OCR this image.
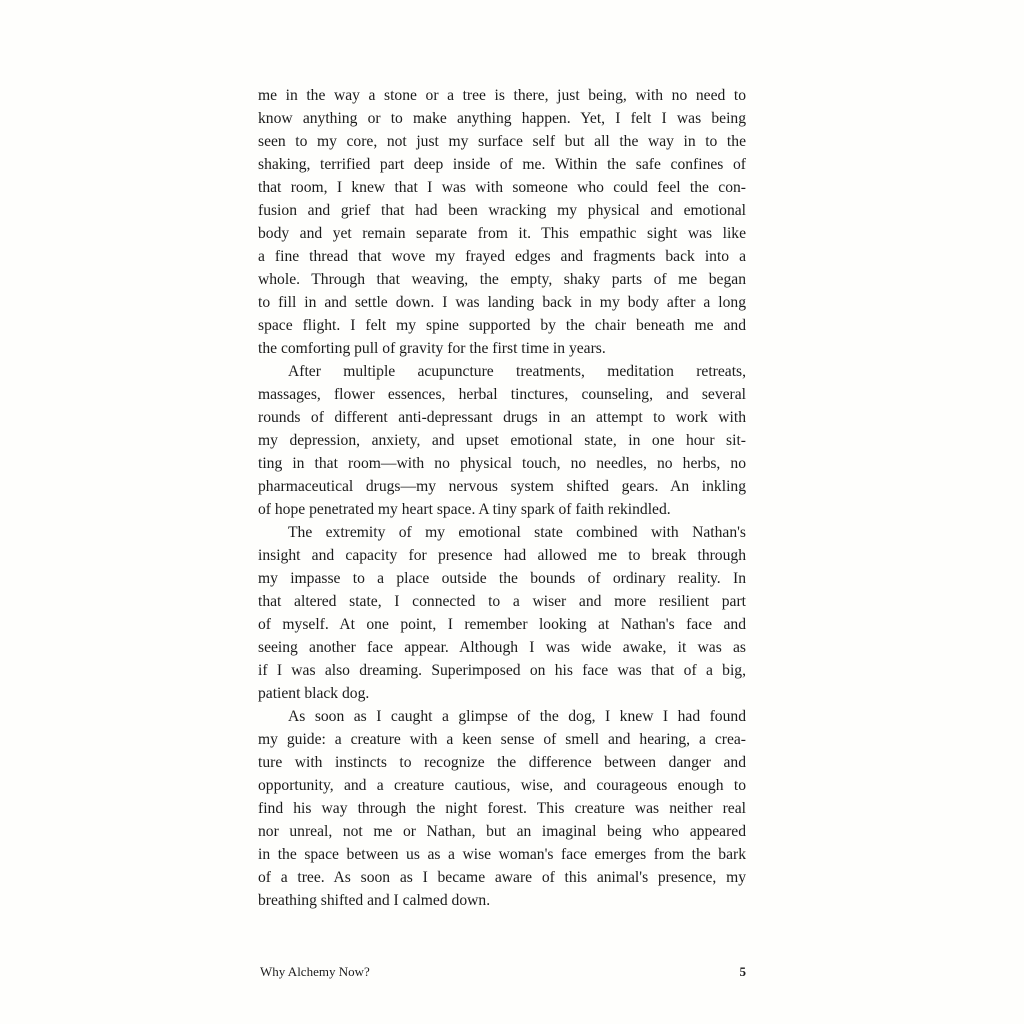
me in the way a stone or a tree is there, just being, with no need to
know anything or to make anything happen. Yet, I felt I was being
seen to my core, not just my surface self but all the way in to the
shaking, terrified part deep inside of me. Within the safe confines of
that room, I knew that I was with someone who could feel the con-
fusion and grief that had been wracking my physical and emotional
body and yet remain separate from it. This empathic sight was like
a fine thread that wove my frayed edges and fragments back into a
whole. Through that weaving, the empty, shaky parts of me began
to fill in and settle down. I was landing back in my body after a long
space flight. I felt my spine supported by the chair beneath me and
the comforting pull of gravity for the first time in years.
After multiple acupuncture treatments, meditation retreats,
massages, flower essences, herbal tinctures, counseling, and several
rounds of different anti-depressant drugs in an attempt to work with
my depression, anxiety, and upset emotional state, in one hour sit-
ting in that room—with no physical touch, no needles, no herbs, no
pharmaceutical drugs—my nervous system shifted gears. An inkling
of hope penetrated my heart space. A tiny spark of faith rekindled.
The extremity of my emotional state combined with Nathan's
insight and capacity for presence had allowed me to break through
my impasse to a place outside the bounds of ordinary reality. In
that altered state, I connected to a wiser and more resilient part
of myself. At one point, I remember looking at Nathan's face and
seeing another face appear. Although I was wide awake, it was as
if I was also dreaming. Superimposed on his face was that of a big,
patient black dog.
As soon as I caught a glimpse of the dog, I knew I had found
my guide: a creature with a keen sense of smell and hearing, a crea-
ture with instincts to recognize the difference between danger and
opportunity, and a creature cautious, wise, and courageous enough to
find his way through the night forest. This creature was neither real
nor unreal, not me or Nathan, but an imaginal being who appeared
in the space between us as a wise woman's face emerges from the bark
of a tree. As soon as I became aware of this animal's presence, my
breathing shifted and I calmed down.
Why Alchemy Now?	5
